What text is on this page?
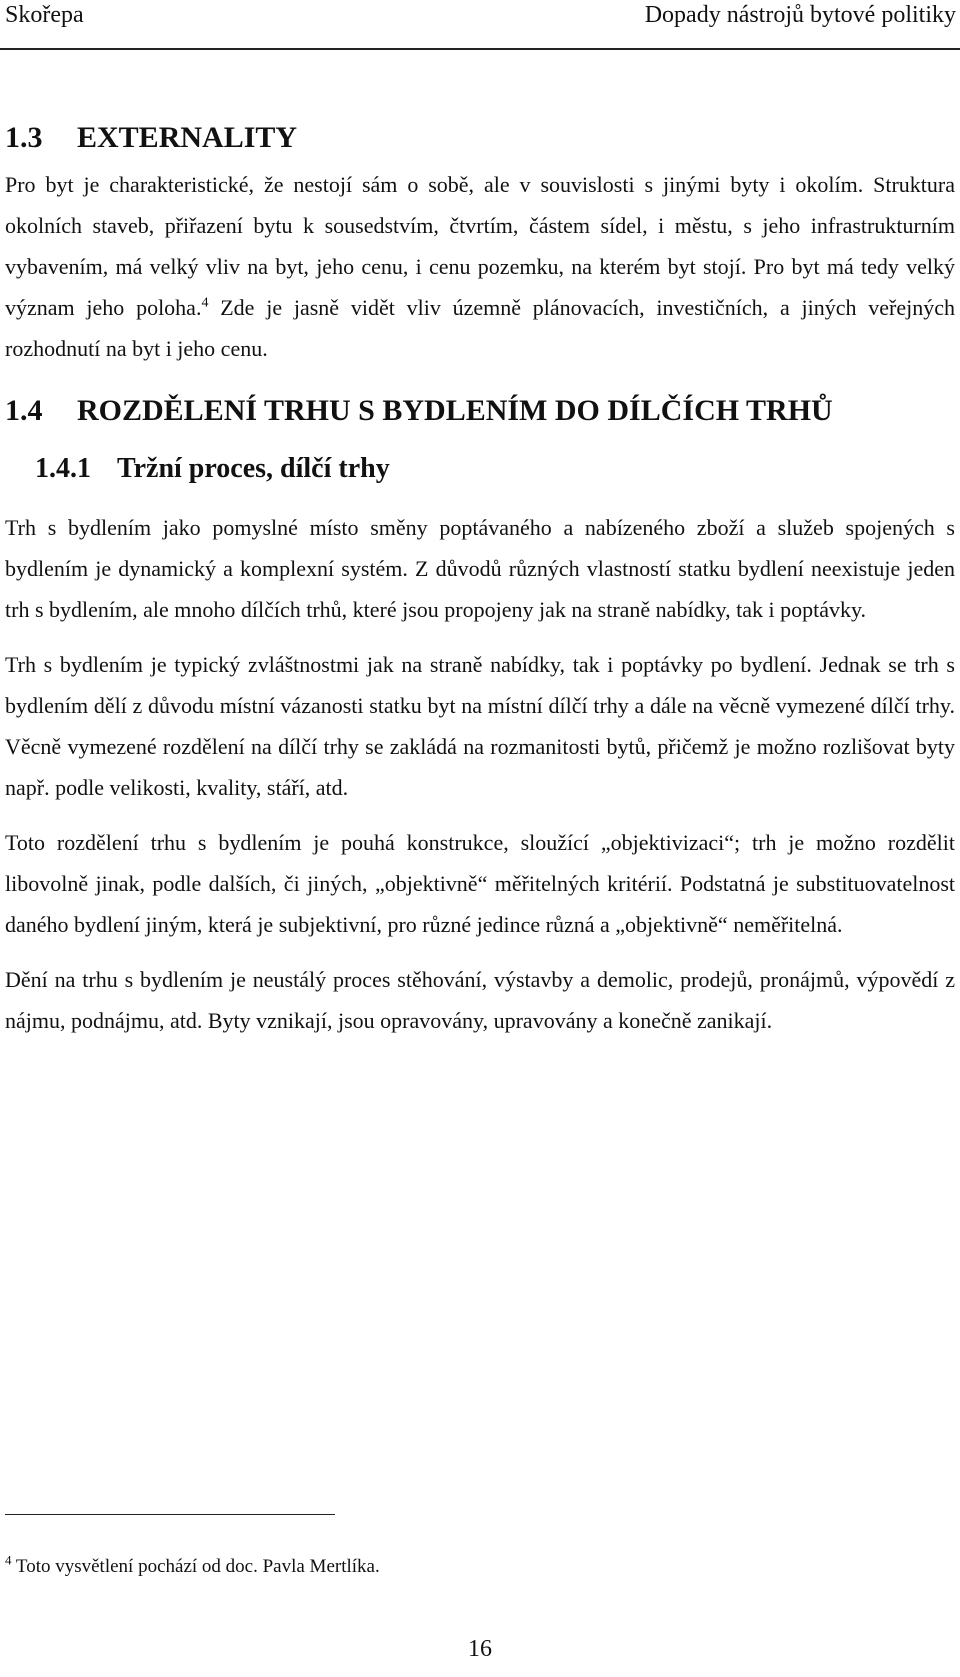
Skořepa	Dopady nástrojů bytové politiky
1.3 EXTERNALITY

Pro byt je charakteristické, že nestojí sám o sobě, ale v souvislosti s jinými byty i okolím. Struktura okolních staveb, přiřazení bytu k sousedstvím, čtvrtím, částem sídel, i městu, s jeho infrastrukturním vybavením, má velký vliv na byt, jeho cenu, i cenu pozemku, na kterém byt stojí. Pro byt má tedy velký význam jeho poloha.$^4$ Zde je jasně vidět vliv územně plánovacích, investičních, a jiných veřejných rozhodnutí na byt i jeho cenu.

1.4 ROZDĚLENÍ TRHU S BYDLENÍM DO DÍLČÍCH TRHŮ
1.4.1 Tržní proces, dílčí trhy

Trh s bydlením jako pomyslné místo směny poptávaného a nabízeného zboží a služeb spojených s bydlením je dynamický a komplexní systém. Z důvodů různých vlastností statku bydlení neexistuje jeden trh s bydlením, ale mnoho dílčích trhů, které jsou propojeny jak na straně nabídky, tak i poptávky.

Trh s bydlením je typický zvláštnostmi jak na straně nabídky, tak i poptávky po bydlení. Jednak se trh s bydlením dělí z důvodu místní vázanosti statku byt na místní dílčí trhy a dále na věcně vymezené dílčí trhy. Věcně vymezené rozdělení na dílčí trhy se zakládá na rozmanitosti bytů, přičemž je možno rozlišovat byty např. podle velikosti, kvality, stáří, atd.

Toto rozdělení trhu s bydlením je pouhá konstrukce, sloužící „objektivizaci“; trh je možno rozdělit libovolně jinak, podle dalších, či jiných, „objektivně“ měřitelných kritérií. Podstatná je substituovatelnost daného bydlení jiným, která je subjektivní, pro různé jedince různá a „objektivně“ neměřitelná.

Dění na trhu s bydlením je neustálý proces stěhování, výstavby a demolic, prodejů, pronájmů, výpovědí z nájmu, podnájmu, atd. Byty vznikají, jsou opravovány, upravovány a konečně zanikají.

$^4$ Toto vysvětlení pochází od doc. Pavla Mertlíka.
16
